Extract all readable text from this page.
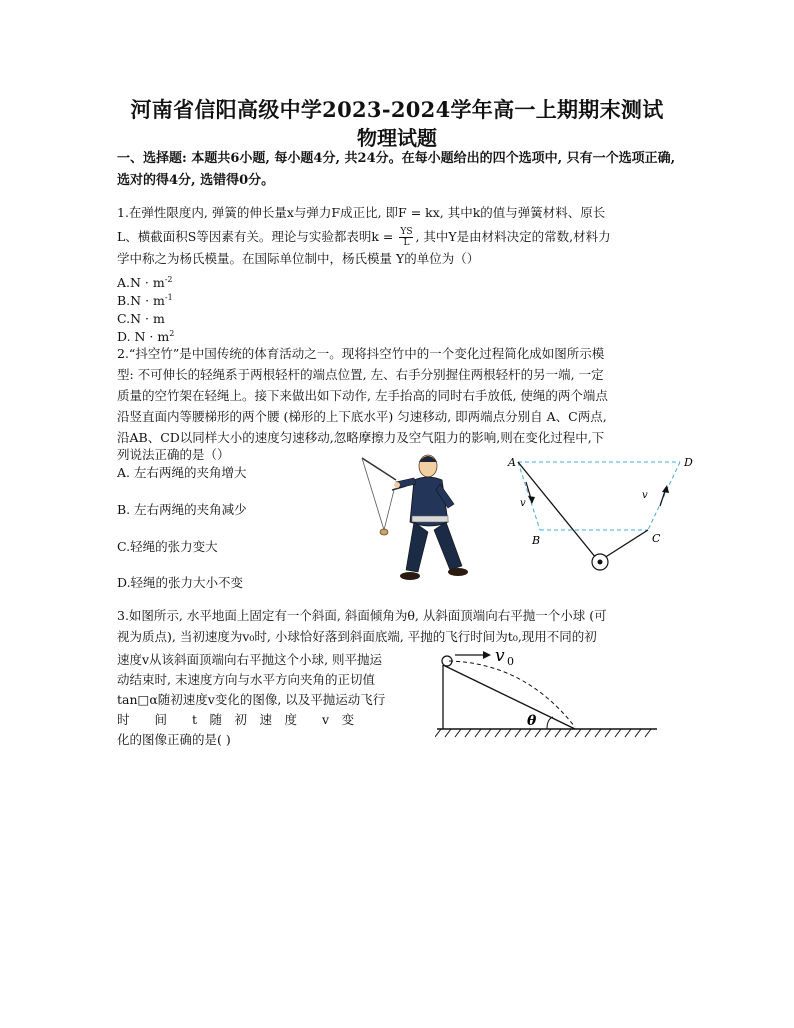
河南省信阳高级中学2023-2024学年高一上期期末测试
物理试题
一、选择题: 本题共6小题, 每小题4分, 共24分。在每小题给出的四个选项中, 只有一个选项正确, 选对的得4分, 选错得0分。
1.在弹性限度内, 弹簧的伸长量x与弹力F成正比, 即F = kx, 其中k的值与弹簧材料、原长
L、横截面积S等因素有关。理论与实验都表明$k = \frac{YS}{L}$ , 其中Y是由材料决定的常数,材料力
学中称之为杨氏模量。在国际单位制中，杨氏模量 Y的单位为（）
$A.N \cdot m^{-2}$
$B.N \cdot m^{-1}$
C.N · m
D. $N \cdot m^2$
2.“抖空竹”是中国传统的体育活动之一。现将抖空竹中的一个变化过程简化成如图所示模
型: 不可伸长的轻绳系于两根轻杆的端点位置, 左、右手分别握住两根轻杆的另一端, 一定
质量的空竹架在轻绳上。接下来做出如下动作, 左手抬高的同时右手放低, 使绳的两个端点
沿竖直面内等腰梯形的两个腰 (梯形的上下底水平) 匀速移动, 即两端点分别自 A、C两点,
沿AB、CD以同样大小的速度匀速移动,忽略摩擦力及空气阻力的影响,则在变化过程中,下
列说法正确的是（）
A. 左右两绳的夹角增大
B. 左右两绳的夹角减少
C.轻绳的张力变大
D.轻绳的张力大小不变
A	D
B	C
v
v
3.如图所示, 水平地面上固定有一个斜面, 斜面倾角为θ, 从斜面顶端向右平抛一个小球 (可
视为质点), 当初速度为v₀时, 小球恰好落到斜面底端, 平抛的飞行时间为t₀,现用不同的初
速度v从该斜面顶端向右平抛这个小球, 则平抛运
动结束时, 末速度方向与水平方向夹角的正切值
tan□α随初速度v变化的图像, 以及平抛运动飞行
时　　间　　t　随　初　速　度　　v　变
化的图像正确的是( )
v 0
θ
